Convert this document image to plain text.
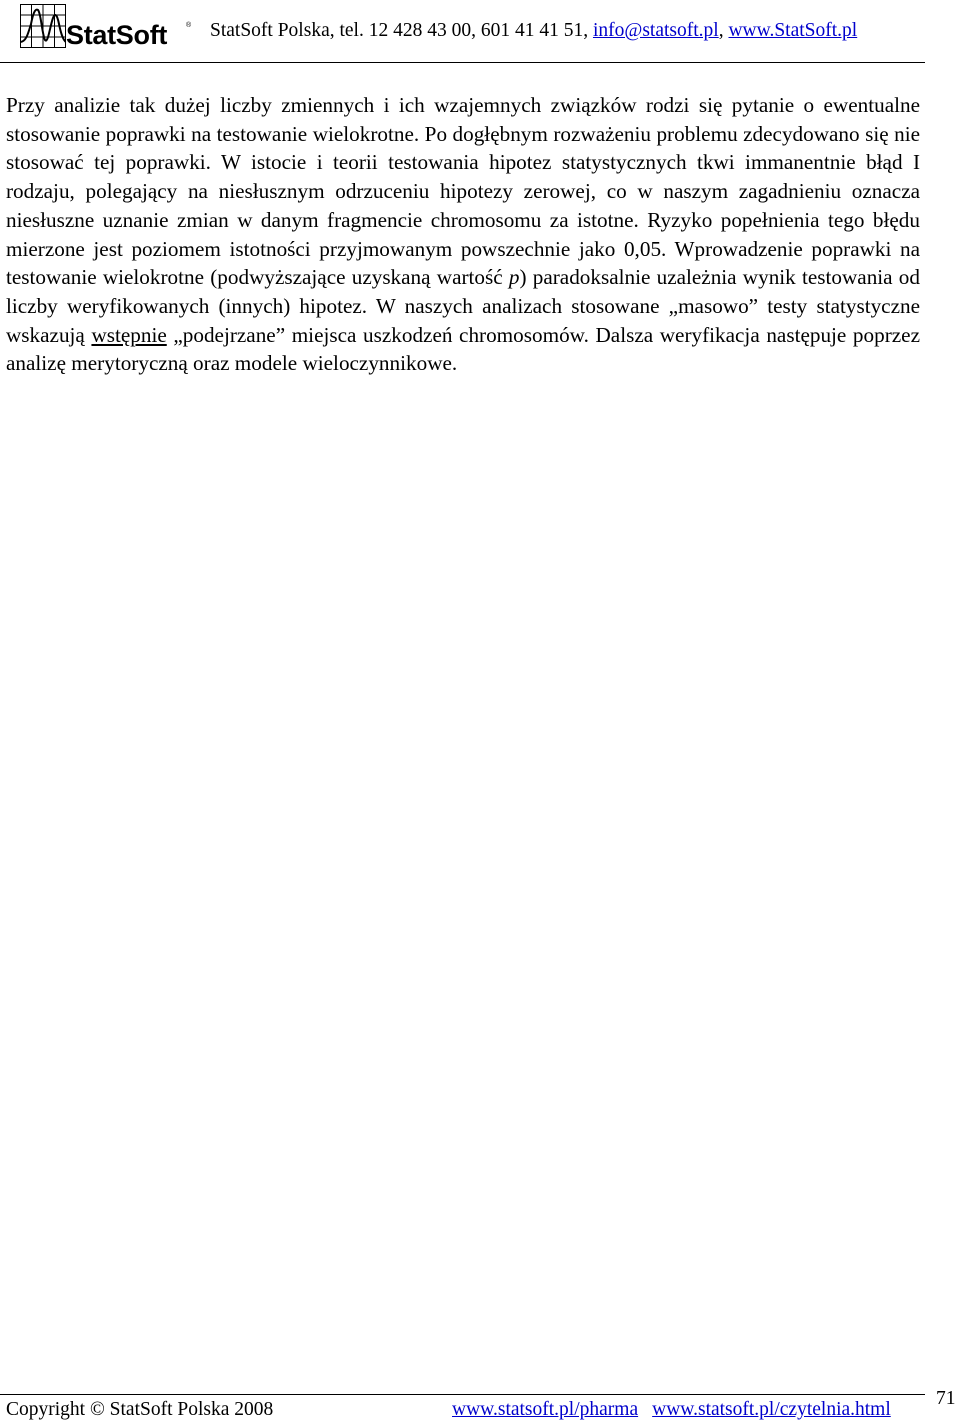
StatSoft	® StatSoft Polska, tel. 12 428 43 00, 601 41 41 51, info@statsoft.pl, www.StatSoft.pl
Przy analizie tak dużej liczby zmiennych i ich wzajemnych związków rodzi się pytanie o ewentualne stosowanie poprawki na testowanie wielokrotne. Po dogłębnym rozważeniu problemu zdecydowano się nie stosować tej poprawki. W istocie i teorii testowania hipotez statystycznych tkwi immanentnie błąd I rodzaju, polegający na niesłusznym odrzuceniu hipotezy zerowej, co w naszym zagadnieniu oznacza niesłuszne uznanie zmian w danym fragmencie chromosomu za istotne. Ryzyko popełnienia tego błędu mierzone jest poziomem istotności przyjmowanym powszechnie jako 0,05. Wprowadzenie poprawki na testowanie wielokrotne (podwyższające uzyskaną wartość p) paradoksalnie uzależnia wynik testowania od liczby weryfikowanych (innych) hipotez. W naszych analizach stosowane „masowo” testy statystyczne wskazują wstępnie „podejrzane” miejsca uszkodzeń chromosomów. Dalsza weryfikacja następuje poprzez analizę merytoryczną oraz modele wieloczynnikowe.
Copyright © StatSoft Polska 2008	www.statsoft.pl/pharma www.statsoft.pl/czytelnia.html
71
